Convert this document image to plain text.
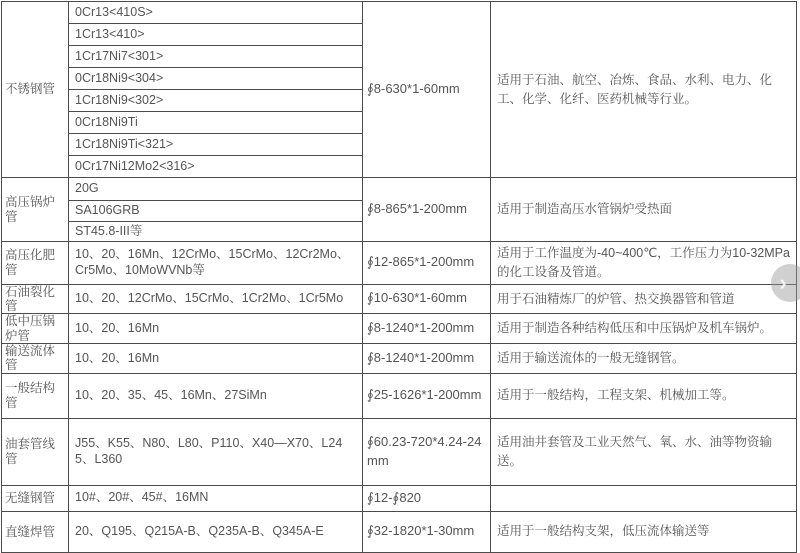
不锈钢管	0Cr13<410S>	∮8-630*1-60mm	适用于石油、航空、冶炼、食品、水利、电力、化工、化学、化纤、医药机械等行业。
	1Cr13<410>		
	1Cr17Ni7<301>		
	0Cr18Ni9<304>		
	1Cr18Ni9<302>		
	0Cr18Ni9Ti		
	1Cr18Ni9Ti<321>		
	0Cr17Ni12Mo2<316>		
高压锅炉管	20G	∮8-865*1-200mm	适用于制造高压水管锅炉受热面
	SA106GRB		
	ST45.8-III等		
高压化肥管	10、20、16Mn、12CrMo、15CrMo、12Cr2Mo、Cr5Mo、10MoWVNb等	∮12-865*1-200mm	适用于工作温度为-40~400℃，工作压力为10-32MPa的化工设备及管道。
石油裂化管	10、20、12CrMo、15CrMo、1Cr2Mo、1Cr5Mo	∮10-630*1-60mm	用于石油精炼厂的炉管、热交换器管和管道
低中压锅炉管	10、20、16Mn	∮8-1240*1-200mm	适用于制造各种结构低压和中压锅炉及机车锅炉。
输送流体管	10、20、16Mn	∮8-1240*1-200mm	适用于输送流体的一般无缝钢管。
一般结构管	10、20、35、45、16Mn、27SiMn	∮25-1626*1-200mm	适用于一般结构，工程支架、机械加工等。
油套管线管	J55、K55、N80、L80、P110、X40—X70、L245、L360	∮60.23-720*4.24-24mm	适用油井套管及工业天然气、氧、水、油等物资输送。
无缝钢管	10#、20#、45#、16MN	∮12-∮820	
直缝焊管	20、Q195、Q215A-B、Q235A-B、Q345A-E	∮32-1820*1-30mm	适用于一般结构支架，低压流体输送等
›
